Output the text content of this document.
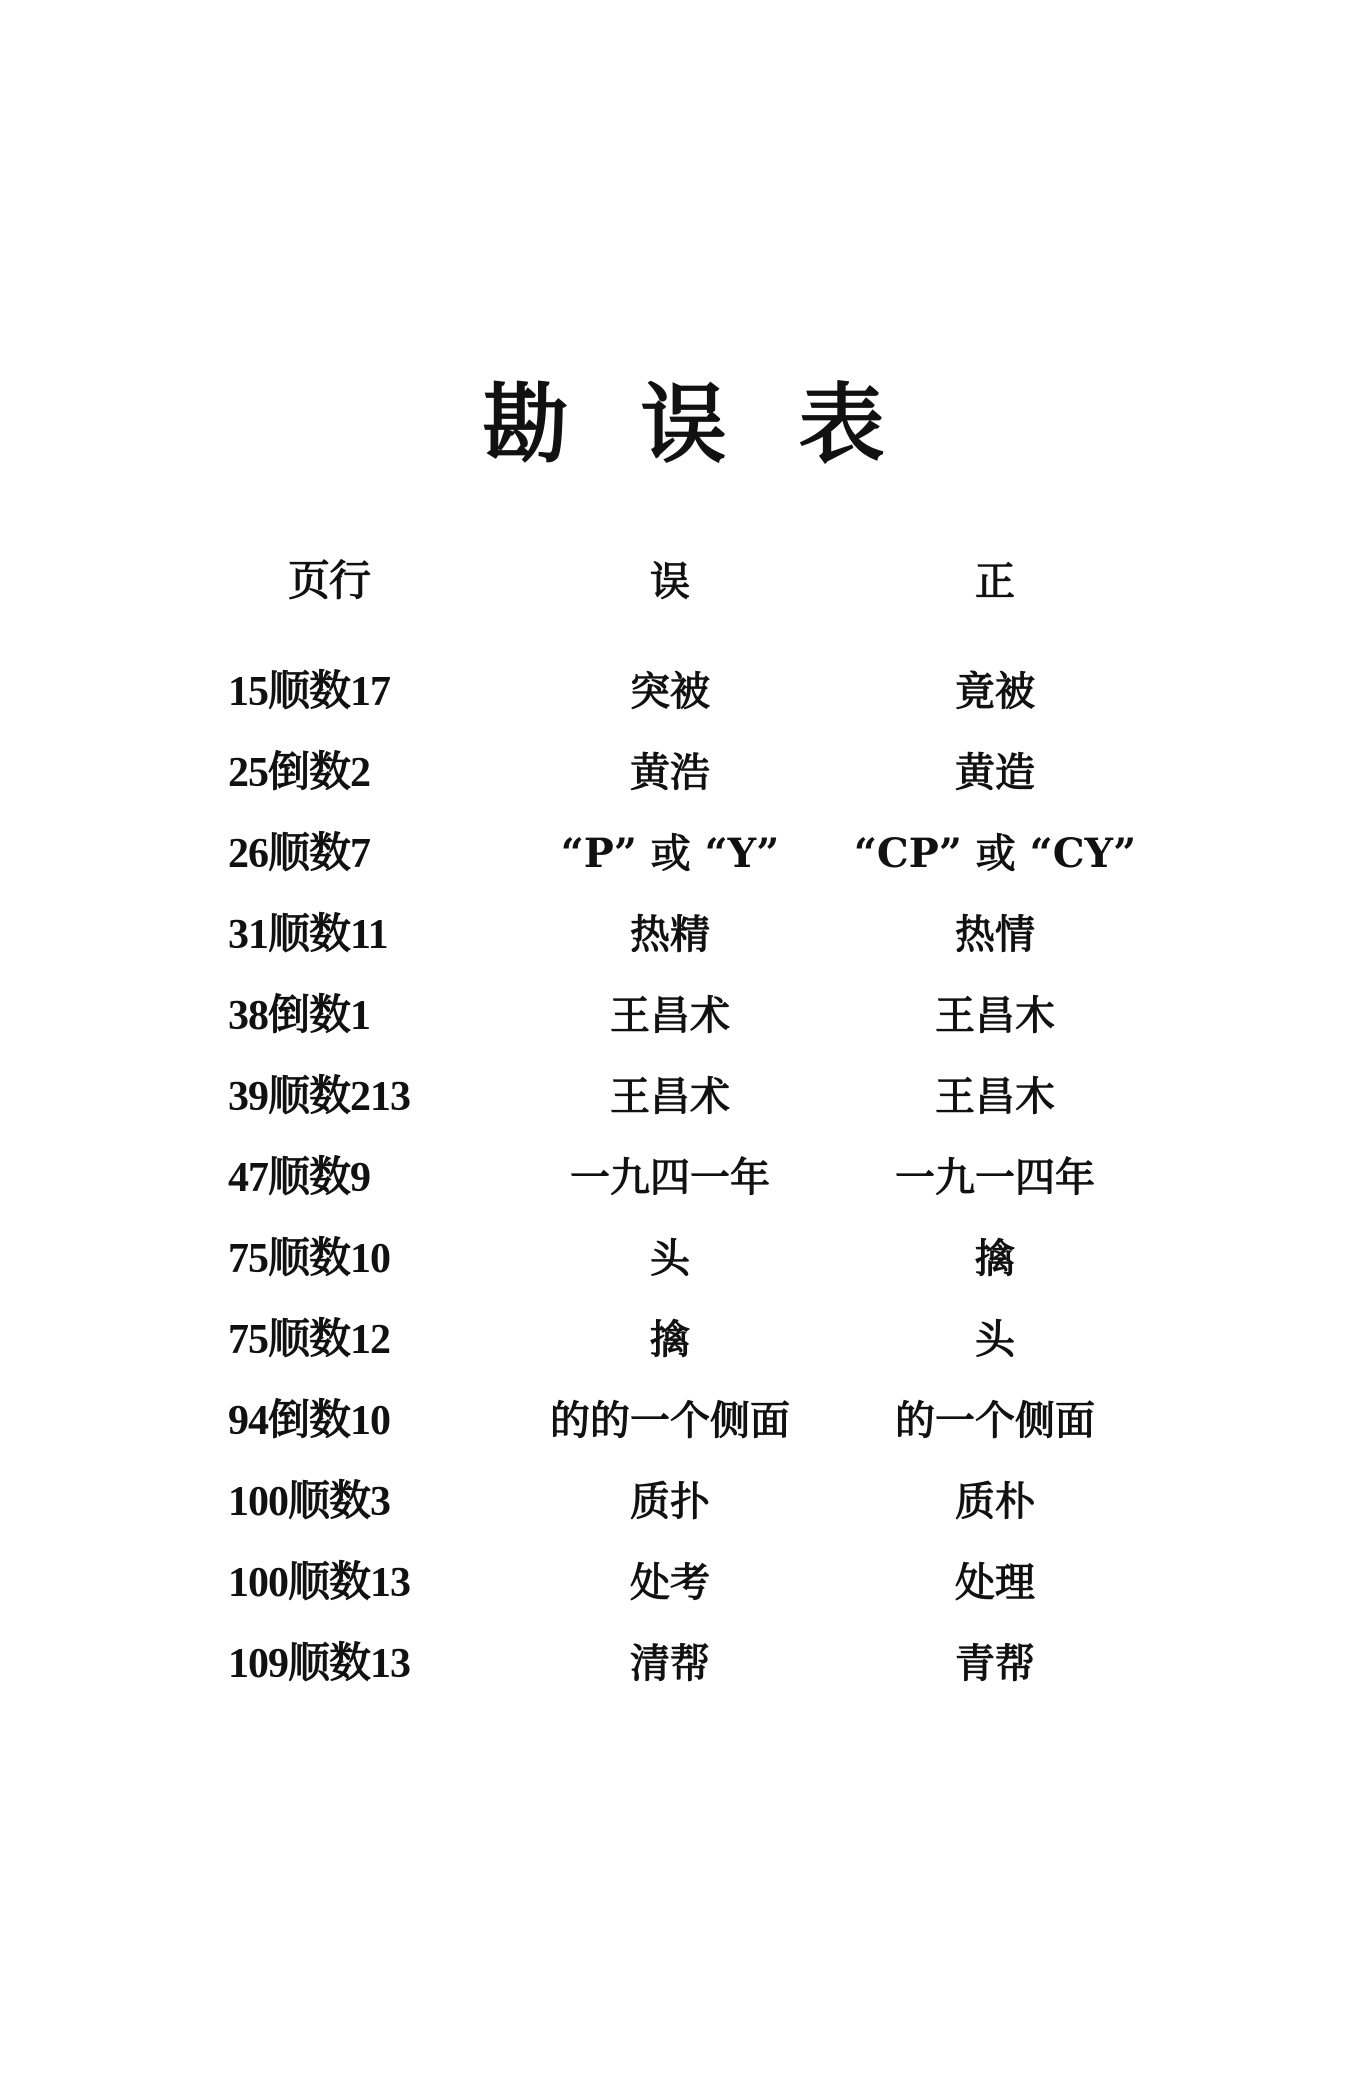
勘 误 表
页行	误	正
15顺数17	突被	竟被
25倒数2	黄浩	黄造
26顺数7	“P” 或 “Y”	“CP” 或 “CY”
31顺数11	热精	热情
38倒数1	王昌术	王昌木
39顺数213	王昌术	王昌木
47顺数9	一九四一年	一九一四年
75顺数10	头	擒
75顺数12	擒	头
94倒数10	的的一个侧面	的一个侧面
100顺数3	质扑	质朴
100顺数13	处考	处理
109顺数13	清帮	青帮
